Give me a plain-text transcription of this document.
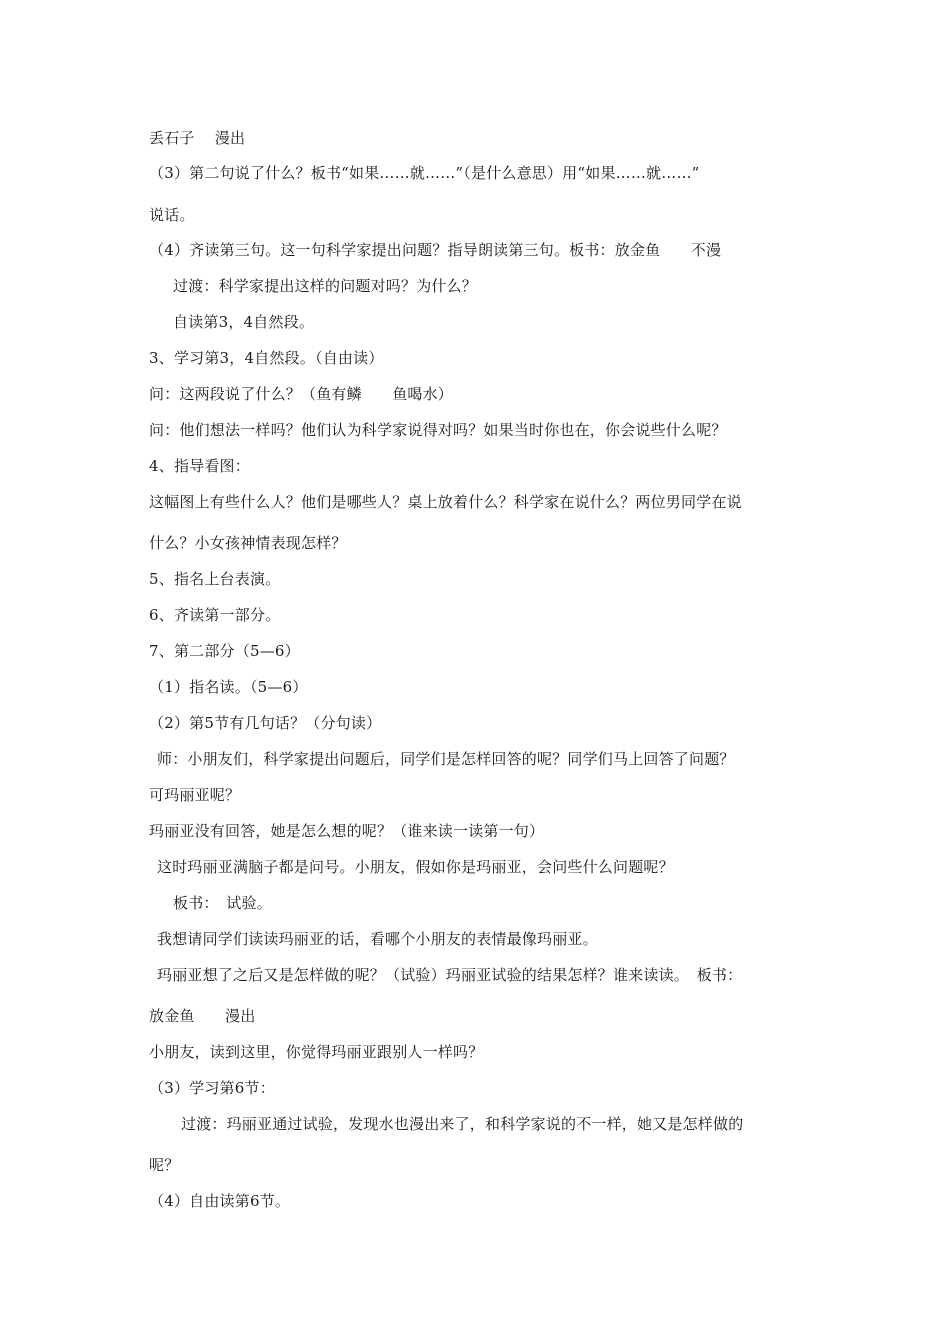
丢石子　 漫出
（3）第二句说了什么？板书“如果……就……”（是什么意思）用“如果……就……”
说话。
（4）齐读第三句。这一句科学家提出问题？指导朗读第三句。板书：放金鱼　　不漫
过渡：科学家提出这样的问题对吗？为什么？
自读第3，4自然段。
3、学习第3，4自然段。（自由读）
问：这两段说了什么？（鱼有鳞　　鱼喝水）
问：他们想法一样吗？他们认为科学家说得对吗？如果当时你也在，你会说些什么呢？
4、指导看图：
这幅图上有些什么人？他们是哪些人？桌上放着什么？科学家在说什么？两位男同学在说
什么？小女孩神情表现怎样？
5、指名上台表演。
6、齐读第一部分。
7、第二部分（5—6）
（1）指名读。（5—6）
（2）第5节有几句话？（分句读）
师：小朋友们，科学家提出问题后，同学们是怎样回答的呢？同学们马上回答了问题？
可玛丽亚呢？
玛丽亚没有回答，她是怎么想的呢？（谁来读一读第一句）
这时玛丽亚满脑子都是问号。小朋友，假如你是玛丽亚，会问些什么问题呢？
板书：　试验。
我想请同学们读读玛丽亚的话，看哪个小朋友的表情最像玛丽亚。
玛丽亚想了之后又是怎样做的呢？（试验）玛丽亚试验的结果怎样？谁来读读。　板书：
放金鱼　　漫出
小朋友，读到这里，你觉得玛丽亚跟别人一样吗？
（3）学习第6节：
过渡：玛丽亚通过试验，发现水也漫出来了，和科学家说的不一样，她又是怎样做的
呢？
（4）自由读第6节。
